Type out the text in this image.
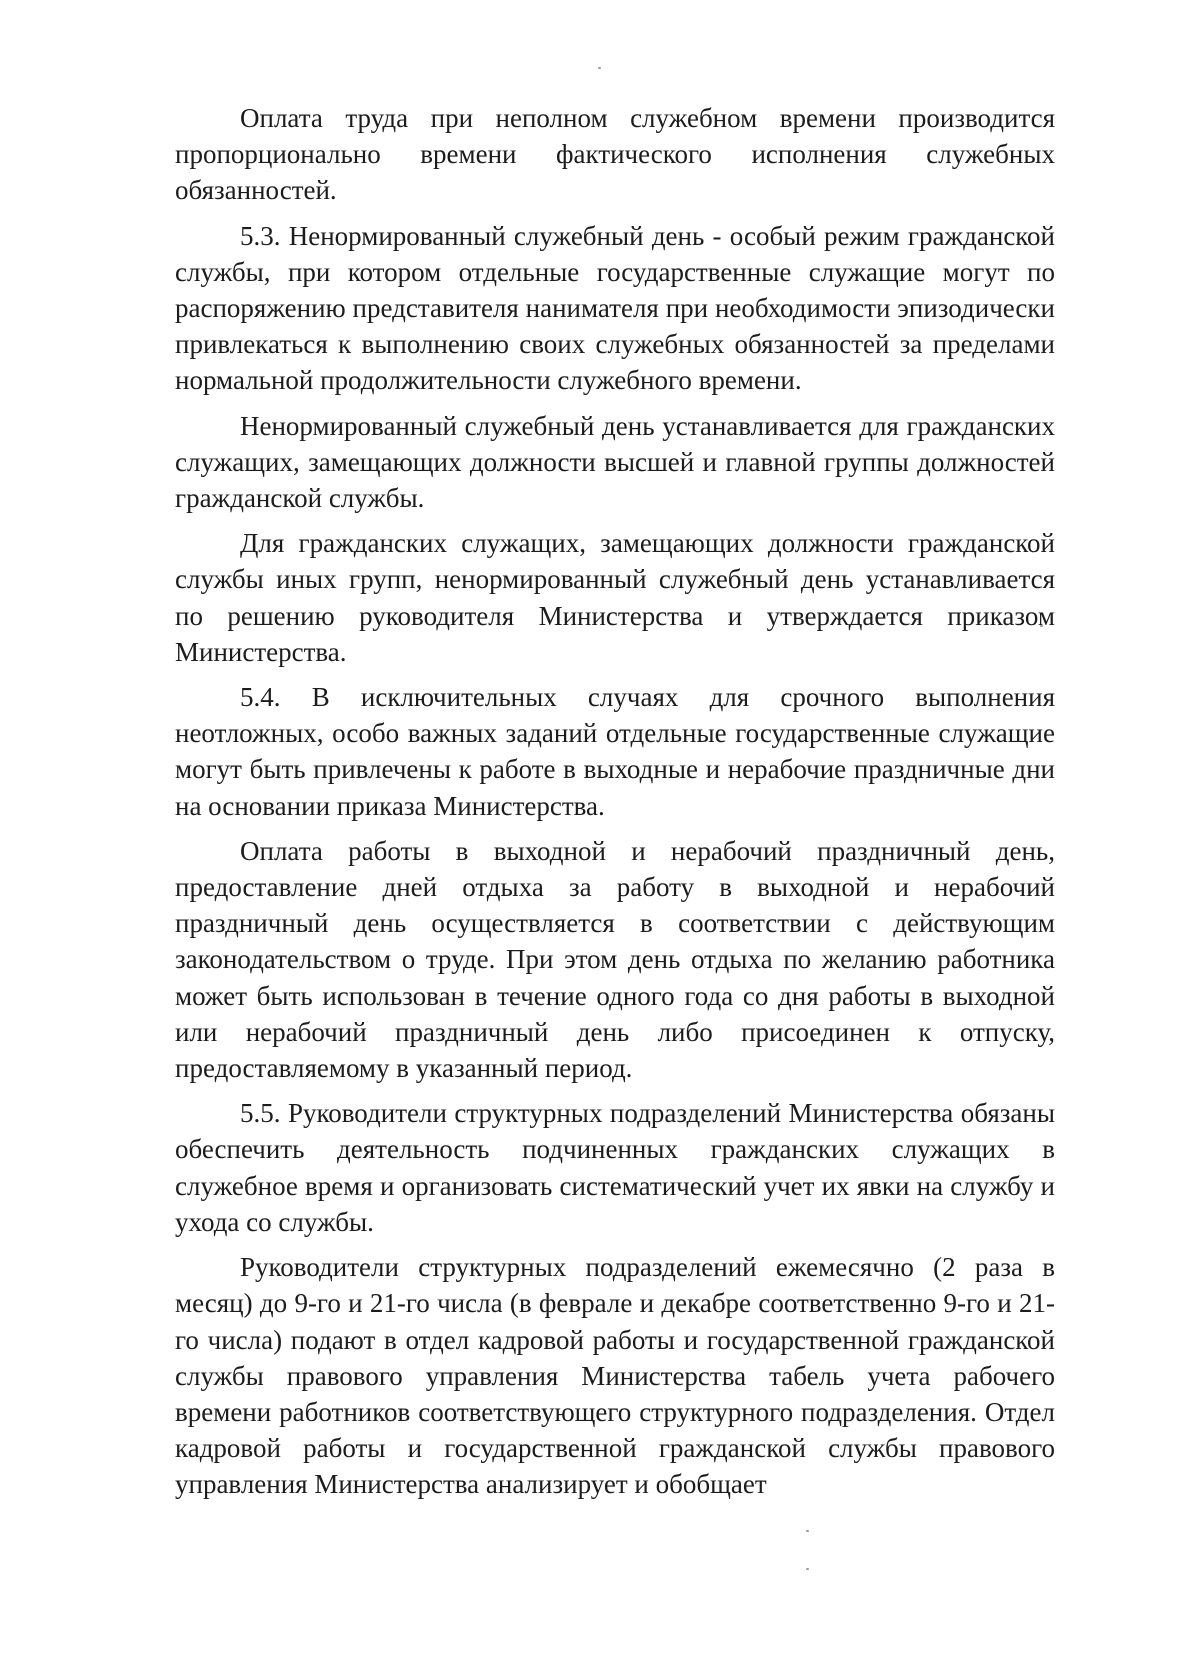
Оплата труда при неполном служебном времени производится пропорционально времени фактического исполнения служебных обязанностей.

5.3. Ненормированный служебный день - особый режим гражданской службы, при котором отдельные государственные служащие могут по распоряжению представителя нанимателя при необходимости эпизодически привлекаться к выполнению своих служебных обязанностей за пределами нормальной продолжительности служебного времени.

Ненормированный служебный день устанавливается для гражданских служащих, замещающих должности высшей и главной группы должностей гражданской службы.

Для гражданских служащих, замещающих должности гражданской службы иных групп, ненормированный служебный день устанавливается по решению руководителя Министерства и утверждается приказом Министерства.

5.4. В исключительных случаях для срочного выполнения неотложных, особо важных заданий отдельные государственные служащие могут быть привлечены к работе в выходные и нерабочие праздничные дни на основании приказа Министерства.

Оплата работы в выходной и нерабочий праздничный день, предоставление дней отдыха за работу в выходной и нерабочий праздничный день осуществляется в соответствии с действующим законодательством о труде. При этом день отдыха по желанию работника может быть использован в течение одного года со дня работы в выходной или нерабочий праздничный день либо присоединен к отпуску, предоставляемому в указанный период.

5.5. Руководители структурных подразделений Министерства обязаны обеспечить деятельность подчиненных гражданских служащих в служебное время и организовать систематический учет их явки на службу и ухода со службы.

Руководители структурных подразделений ежемесячно (2 раза в месяц) до 9-го и 21-го числа (в феврале и декабре соответственно 9-го и 21-го числа) подают в отдел кадровой работы и государственной гражданской службы правового управления Министерства табель учета рабочего времени работников соответствующего структурного подразделения. Отдел кадровой работы и государственной гражданской службы правового управления Министерства анализирует и обобщает
